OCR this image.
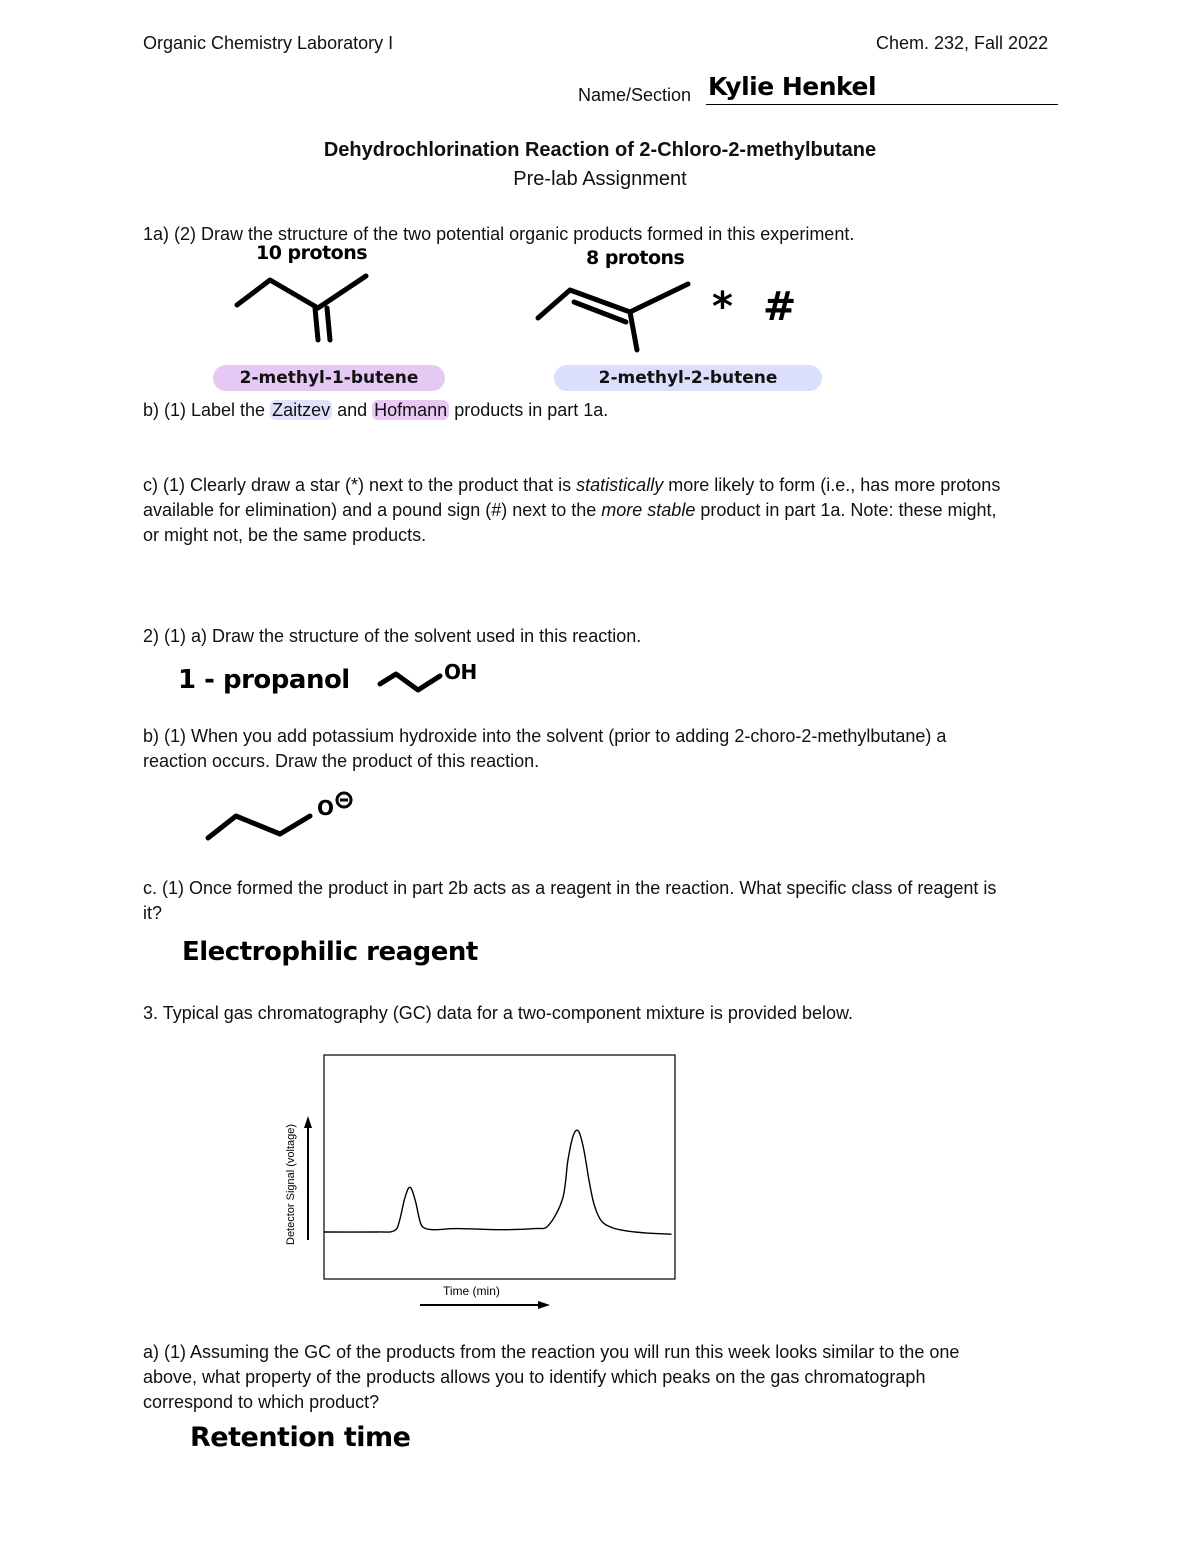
Organic Chemistry Laboratory I	Chem. 232, Fall 2022
Name/Section Kylie Henkel
Dehydrochlorination Reaction of 2-Chloro-2-methylbutane
Pre-lab Assignment
1a) (2) Draw the structure of the two potential organic products formed in this experiment.
10 protons	8 protons
* #
2-methyl-1-butene	2-methyl-2-butene
b) (1) Label the Zaitzev and Hofmann products in part 1a.
c) (1) Clearly draw a star (*) next to the product that is statistically more likely to form (i.e., has more protons
available for elimination) and a pound sign (#) next to the more stable product in part 1a. Note: these might,
or might not, be the same products.
2) (1) a) Draw the structure of the solvent used in this reaction.
1 - propanol	OH
b) (1) When you add potassium hydroxide into the solvent (prior to adding 2-choro-2-methylbutane) a
reaction occurs. Draw the product of this reaction.
O
c. (1) Once formed the product in part 2b acts as a reagent in the reaction. What specific class of reagent is
it?
Electrophilic reagent
3. Typical gas chromatography (GC) data for a two-component mixture is provided below.
Detector Signal (voltage)
Time (min)
a) (1) Assuming the GC of the products from the reaction you will run this week looks similar to the one
above, what property of the products allows you to identify which peaks on the gas chromatograph
correspond to which product?
Retention time
